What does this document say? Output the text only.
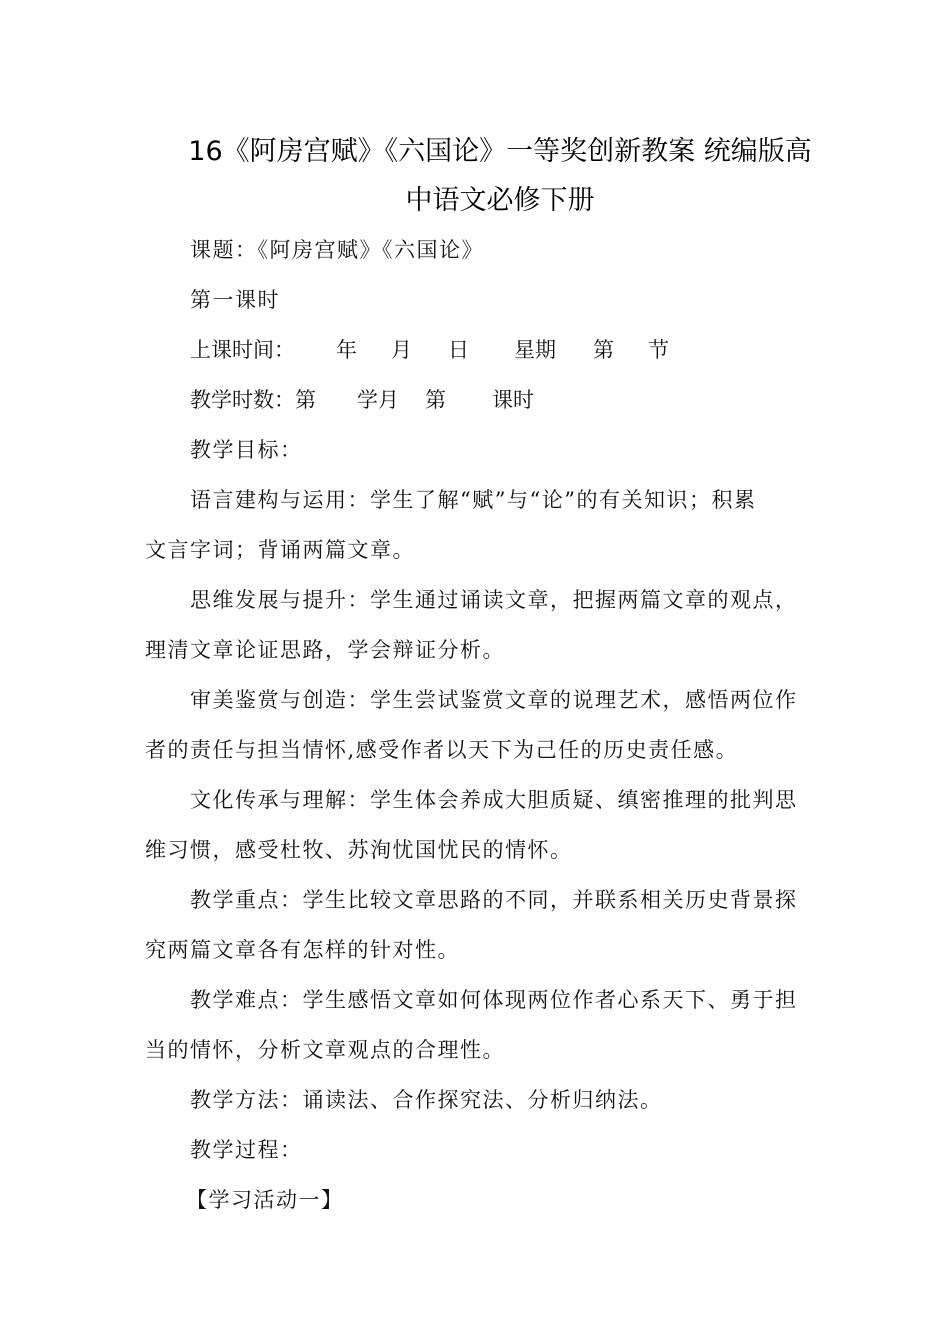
16《阿房宫赋》《六国论》一等奖创新教案 统编版高
中语文必修下册
课题：《阿房宫赋》《六国论》
第一课时
上课时间： 年 月 日 星期 第 节
教学时数：第 学月 第 课时
教学目标：
语言建构与运用：学生了解“赋”与“论”的有关知识；积累
文言字词；背诵两篇文章。
思维发展与提升：学生通过诵读文章，把握两篇文章的观点，
理清文章论证思路，学会辩证分析。
审美鉴赏与创造：学生尝试鉴赏文章的说理艺术，感悟两位作
者的责任与担当情怀,感受作者以天下为己任的历史责任感。
文化传承与理解：学生体会养成大胆质疑、缜密推理的批判思
维习惯，感受杜牧、苏洵忧国忧民的情怀。
教学重点：学生比较文章思路的不同，并联系相关历史背景探
究两篇文章各有怎样的针对性。
教学难点：学生感悟文章如何体现两位作者心系天下、勇于担
当的情怀，分析文章观点的合理性。
教学方法：诵读法、合作探究法、分析归纳法。
教学过程：
【学习活动一】
